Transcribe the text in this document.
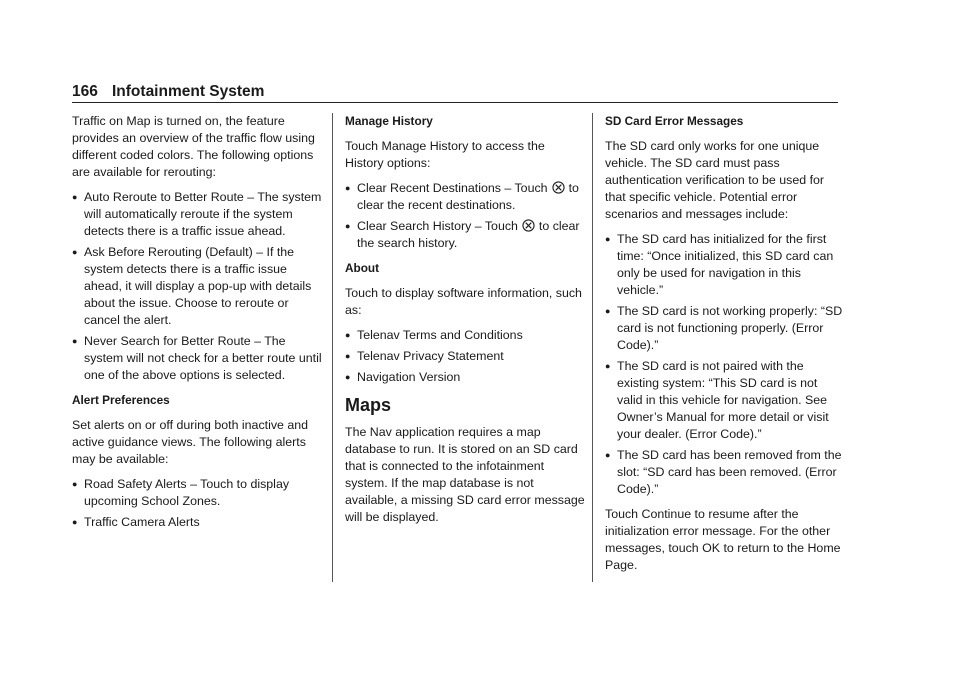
166 Infotainment System

Traffic on Map is turned on, the feature provides an overview of the traffic flow using different coded colors. The following options are available for rerouting:

● Auto Reroute to Better Route – The system will automatically reroute if the system detects there is a traffic issue ahead.
● Ask Before Rerouting (Default) – If the system detects there is a traffic issue ahead, it will display a pop-up with details about the issue. Choose to reroute or cancel the alert.
● Never Search for Better Route – The system will not check for a better route until one of the above options is selected.

Alert Preferences

Set alerts on or off during both inactive and active guidance views. The following alerts may be available:

● Road Safety Alerts – Touch to display upcoming School Zones.
● Traffic Camera Alerts

Manage History

Touch Manage History to access the History options:

● Clear Recent Destinations – Touch to clear the recent destinations.
● Clear Search History – Touch to clear the search history.

About

Touch to display software information, such as:

● Telenav Terms and Conditions
● Telenav Privacy Statement
● Navigation Version

Maps

The Nav application requires a map database to run. It is stored on an SD card that is connected to the infotainment system. If the map database is not available, a missing SD card error message will be displayed.

SD Card Error Messages

The SD card only works for one unique vehicle. The SD card must pass authentication verification to be used for that specific vehicle. Potential error scenarios and messages include:

● The SD card has initialized for the first time: “Once initialized, this SD card can only be used for navigation in this vehicle.”
● The SD card is not working properly: “SD card is not functioning properly. (Error Code).”
● The SD card is not paired with the existing system: “This SD card is not valid in this vehicle for navigation. See Owner’s Manual for more detail or visit your dealer. (Error Code).”
● The SD card has been removed from the slot: “SD card has been removed. (Error Code).”

Touch Continue to resume after the initialization error message. For the other messages, touch OK to return to the Home Page.
